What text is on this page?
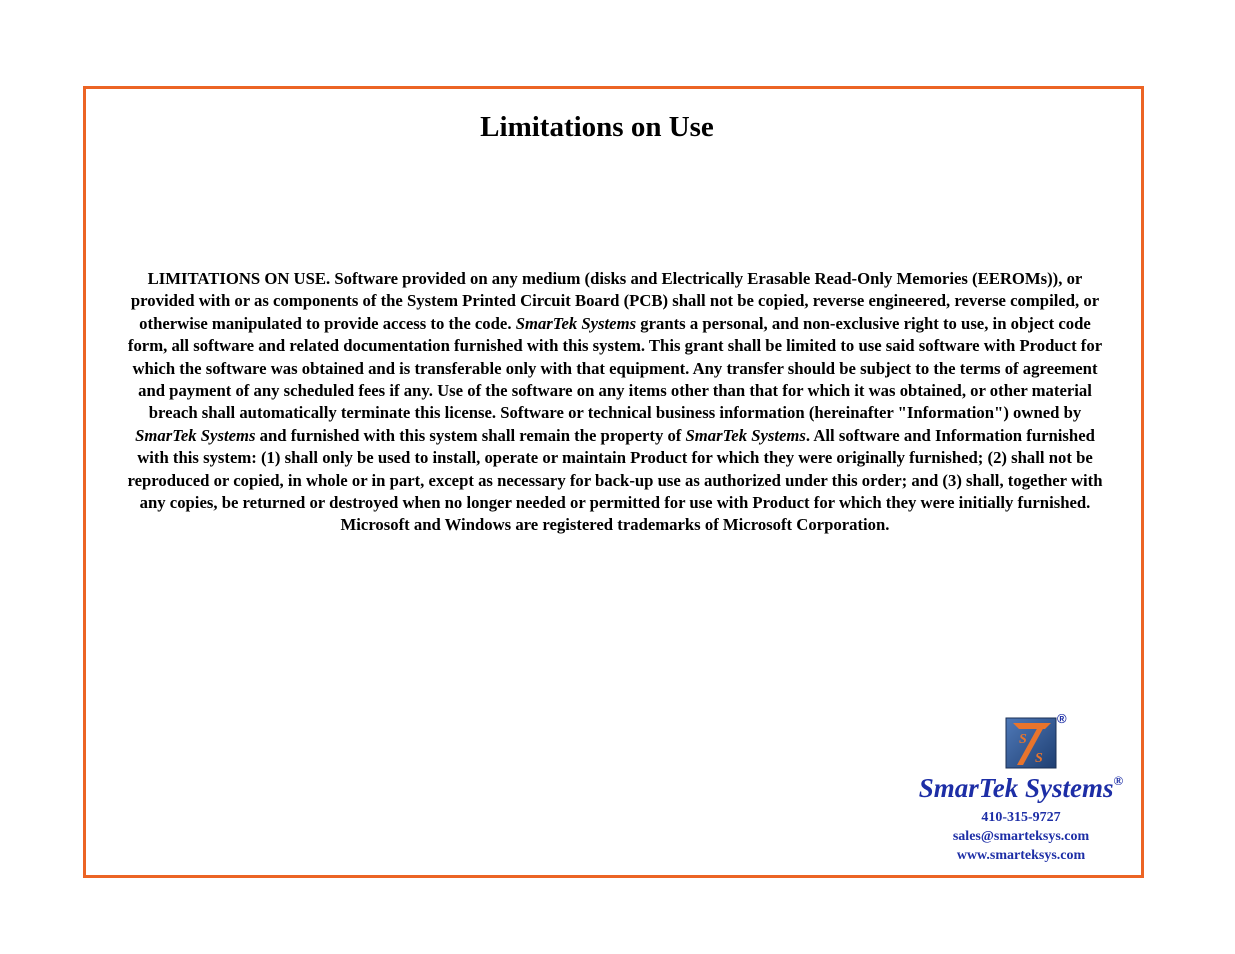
Limitations on Use

LIMITATIONS ON USE. Software provided on any medium (disks and Electrically Erasable Read-Only Memories (EEROMs)), or provided with or as components of the System Printed Circuit Board (PCB) shall not be copied, reverse engineered, reverse compiled, or otherwise manipulated to provide access to the code. SmarTek Systems grants a personal, and non-exclusive right to use, in object code form, all software and related documentation furnished with this system. This grant shall be limited to use said software with Product for which the software was obtained and is transferable only with that equipment. Any transfer should be subject to the terms of agreement and payment of any scheduled fees if any. Use of the software on any items other than that for which it was obtained, or other material breach shall automatically terminate this license. Software or technical business information (hereinafter "Information") owned by SmarTek Systems and furnished with this system shall remain the property of SmarTek Systems. All software and Information furnished with this system: (1) shall only be used to install, operate or maintain Product for which they were originally furnished; (2) shall not be reproduced or copied, in whole or in part, except as necessary for back-up use as authorized under this order; and (3) shall, together with any copies, be returned or destroyed when no longer needed or permitted for use with Product for which they were initially furnished.

Microsoft and Windows are registered trademarks of Microsoft Corporation.

S
S
®
SmarTek Systems®
410-315-9727
sales@smarteksys.com
www.smarteksys.com
